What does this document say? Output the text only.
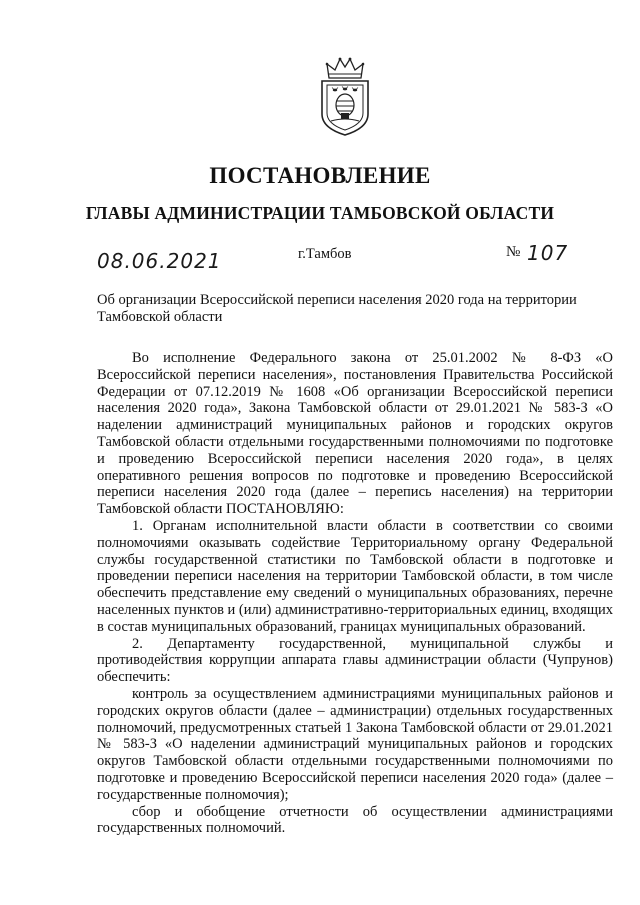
ПОСТАНОВЛЕНИЕ
ГЛАВЫ АДМИНИСТРАЦИИ ТАМБОВСКОЙ ОБЛАСТИ
08.06.2021	г.Тамбов	№ 107
Об организации Всероссийской переписи населения 2020 года на территории Тамбовской области

Во исполнение Федерального закона от 25.01.2002 № 8-ФЗ «О Всероссийской переписи населения», постановления Правительства Российской Федерации от 07.12.2019 № 1608 «Об организации Всероссийской переписи населения 2020 года», Закона Тамбовской области от 29.01.2021 № 583-З «О наделении администраций муниципальных районов и городских округов Тамбовской области отдельными государственными полномочиями по подготовке и проведению Всероссийской переписи населения 2020 года», в целях оперативного решения вопросов по подготовке и проведению Всероссийской переписи населения 2020 года (далее – перепись населения) на территории Тамбовской области ПОСТАНОВЛЯЮ:

1. Органам исполнительной власти области в соответствии со своими полномочиями оказывать содействие Территориальному органу Федеральной службы государственной статистики по Тамбовской области в подготовке и проведении переписи населения на территории Тамбовской области, в том числе обеспечить представление ему сведений о муниципальных образованиях, перечне населенных пунктов и (или) административно-территориальных единиц, входящих в состав муниципальных образований, границах муниципальных образований.

2. Департаменту государственной, муниципальной службы и противодействия коррупции аппарата главы администрации области (Чупрунов) обеспечить:

контроль за осуществлением администрациями муниципальных районов и городских округов области (далее – администрации) отдельных государственных полномочий, предусмотренных статьей 1 Закона Тамбовской области от 29.01.2021 № 583-З «О наделении администраций муниципальных районов и городских округов Тамбовской области отдельными государственными полномочиями по подготовке и проведению Всероссийской переписи населения 2020 года» (далее – государственные полномочия);

сбор и обобщение отчетности об осуществлении администрациями государственных полномочий.
